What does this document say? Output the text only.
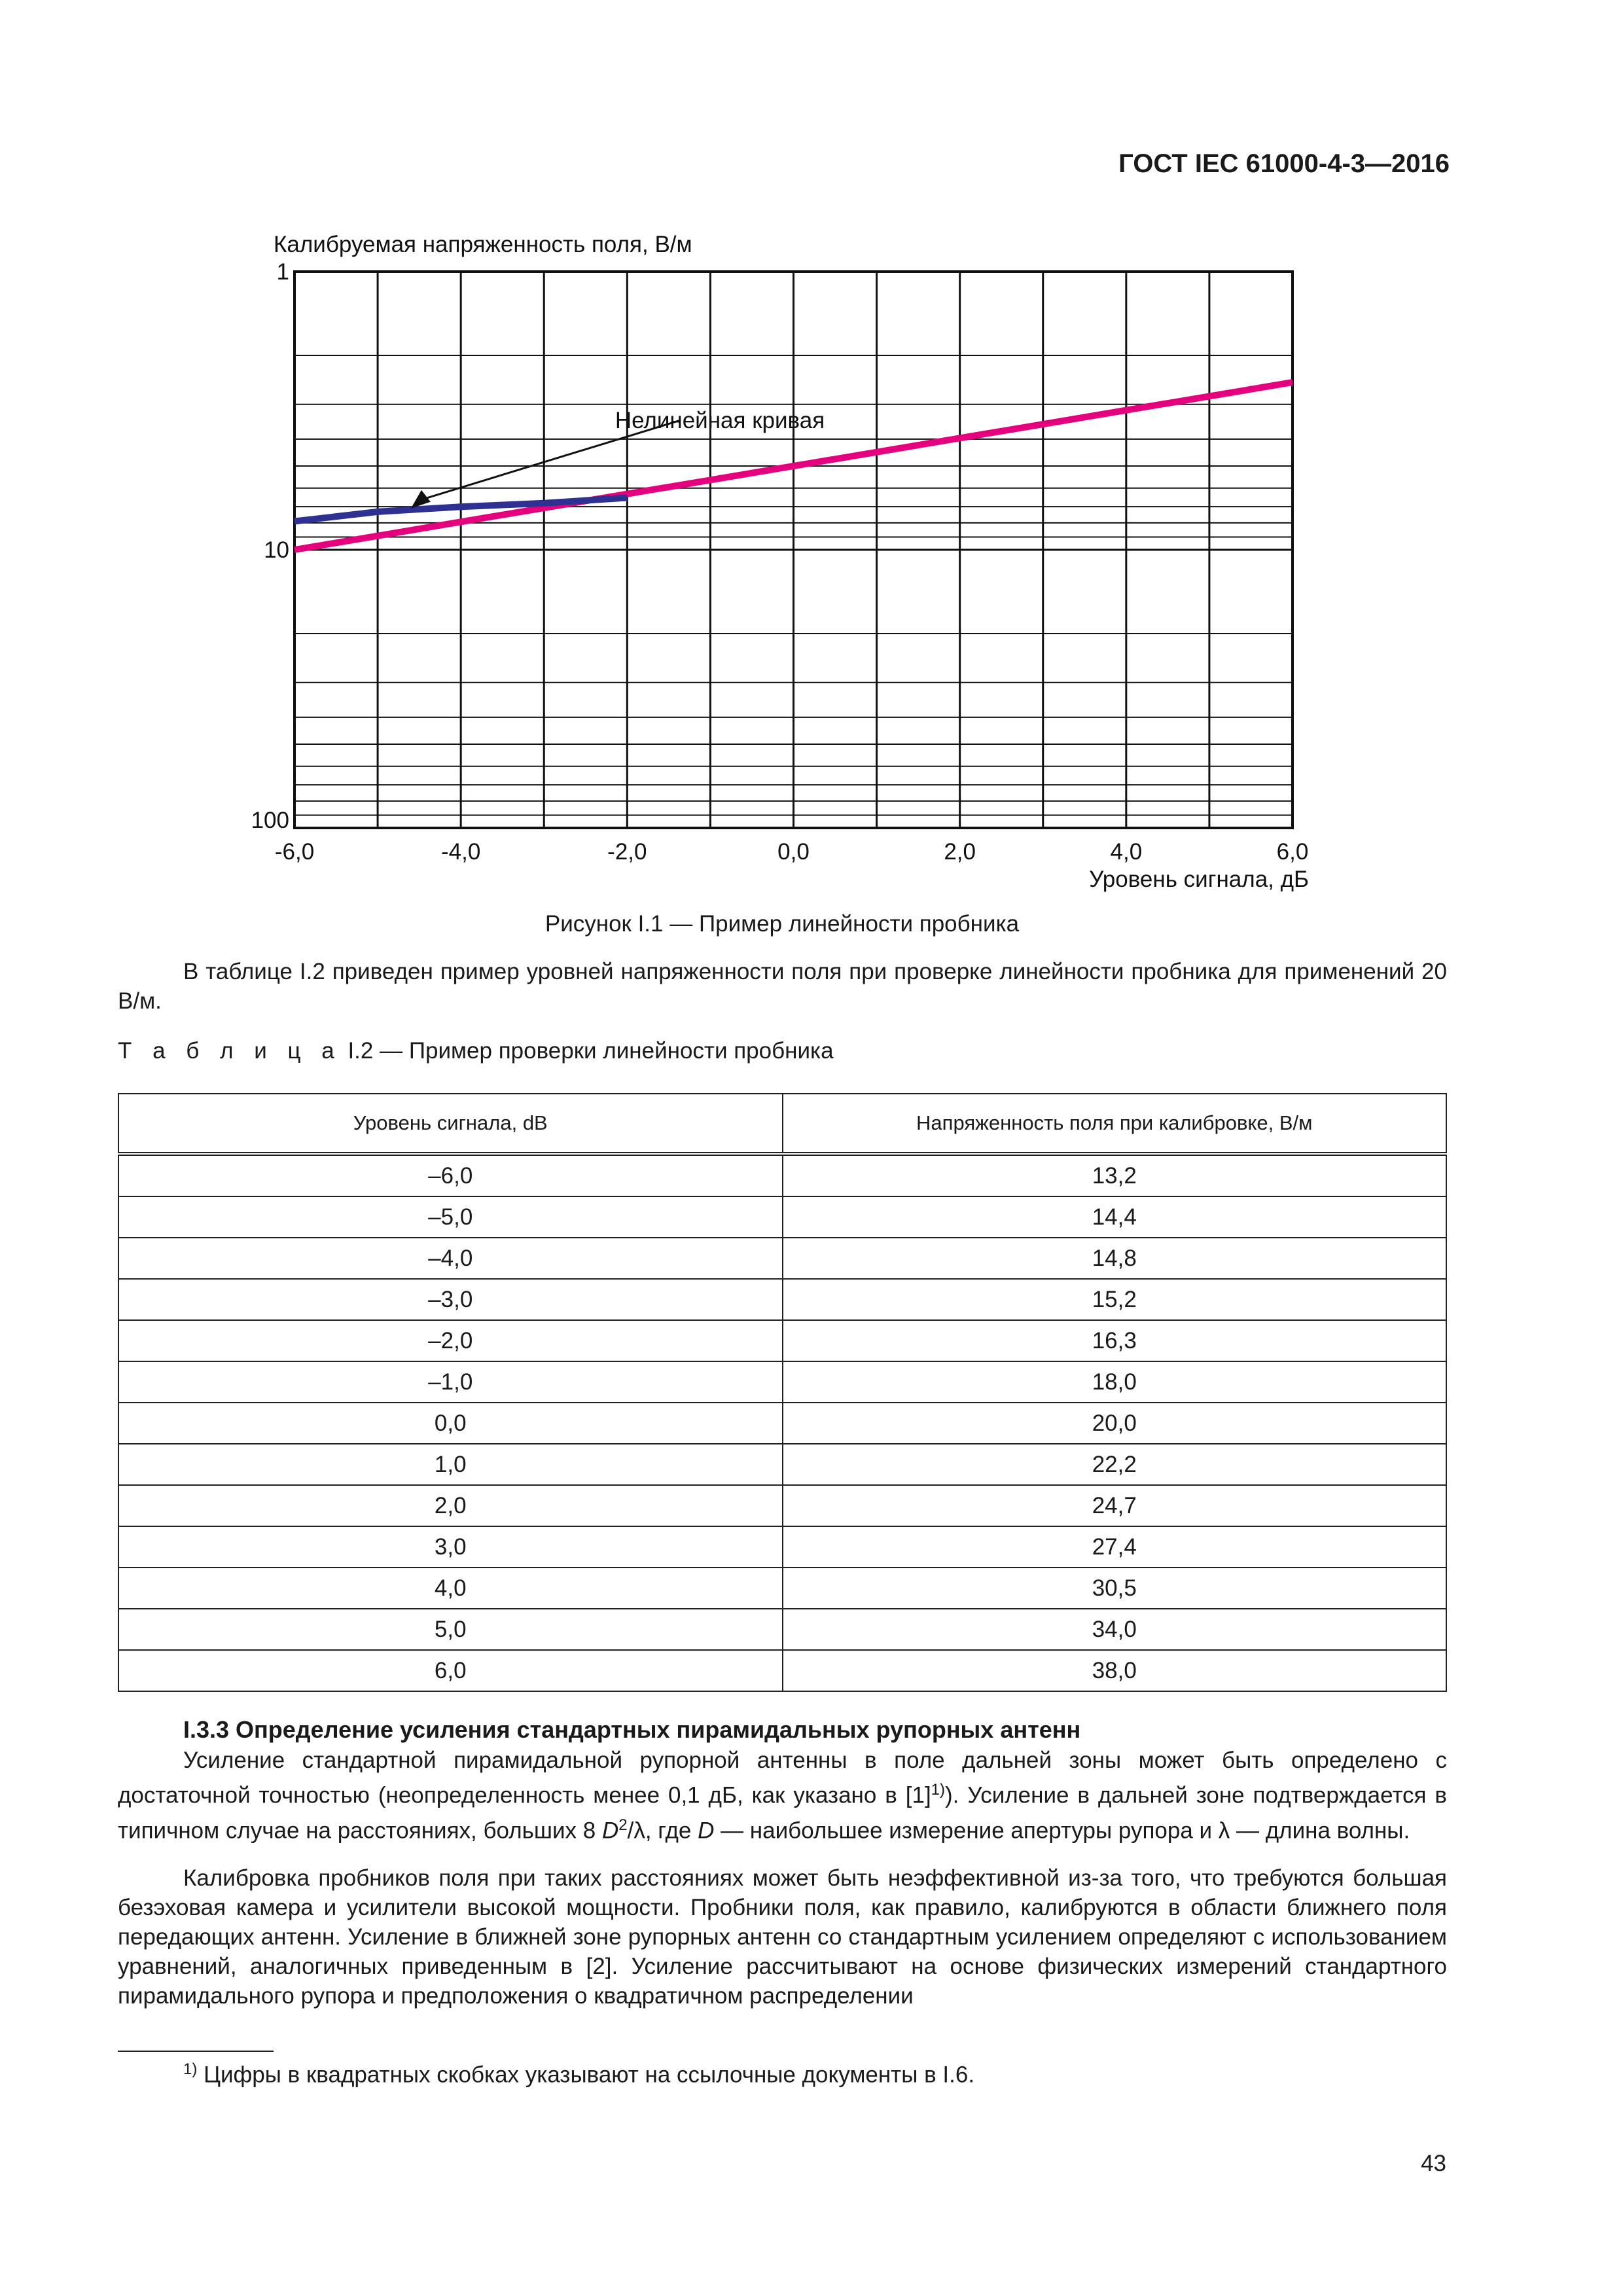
ГОСТ IEC 61000-4-3—2016
Нелинейная кривая
Калибруемая напряженность поля, В/м
1
10
100
-6,0	-4,0	-2,0	0,0	2,0	4,0	6,0
Уровень сигнала, дБ
Рисунок I.1 — Пример линейности пробника
В таблице I.2 приведен пример уровней напряженности поля при проверке линейности пробника для применений 20 В/м.
Т а б л и ц а I.2 — Пример проверки линейности пробника
Уровень сигнала, dB	Напряженность поля при калибровке, В/м
–6,0	13,2
–5,0	14,4
–4,0	14,8
–3,0	15,2
–2,0	16,3
–1,0	18,0
0,0	20,0
1,0	22,2
2,0	24,7
3,0	27,4
4,0	30,5
5,0	34,0
6,0	38,0
I.3.3 Определение усиления стандартных пирамидальных рупорных антенн
Усиление стандартной пирамидальной рупорной антенны в поле дальней зоны может быть определено с достаточной точностью (неопределенность менее 0,1 дБ, как указано в $[1]^{1)}$). Усиление в дальней зоне подтверждается в типичном случае на расстояниях, больших 8 $D^2/\lambda$, где D — наибольшее измерение апертуры рупора и λ — длина волны.
Калибровка пробников поля при таких расстояниях может быть неэффективной из-за того, что требуются большая безэховая камера и усилители высокой мощности. Пробники поля, как правило, калибруются в области ближнего поля передающих антенн. Усиление в ближней зоне рупорных антенн со стандартным усилением определяют с использованием уравнений, аналогичных приведенным в [2]. Усиление рассчитывают на основе физических измерений стандартного пирамидального рупора и предположения о квадратичном распределении
$^{1)}$ Цифры в квадратных скобках указывают на ссылочные документы в I.6.
43
